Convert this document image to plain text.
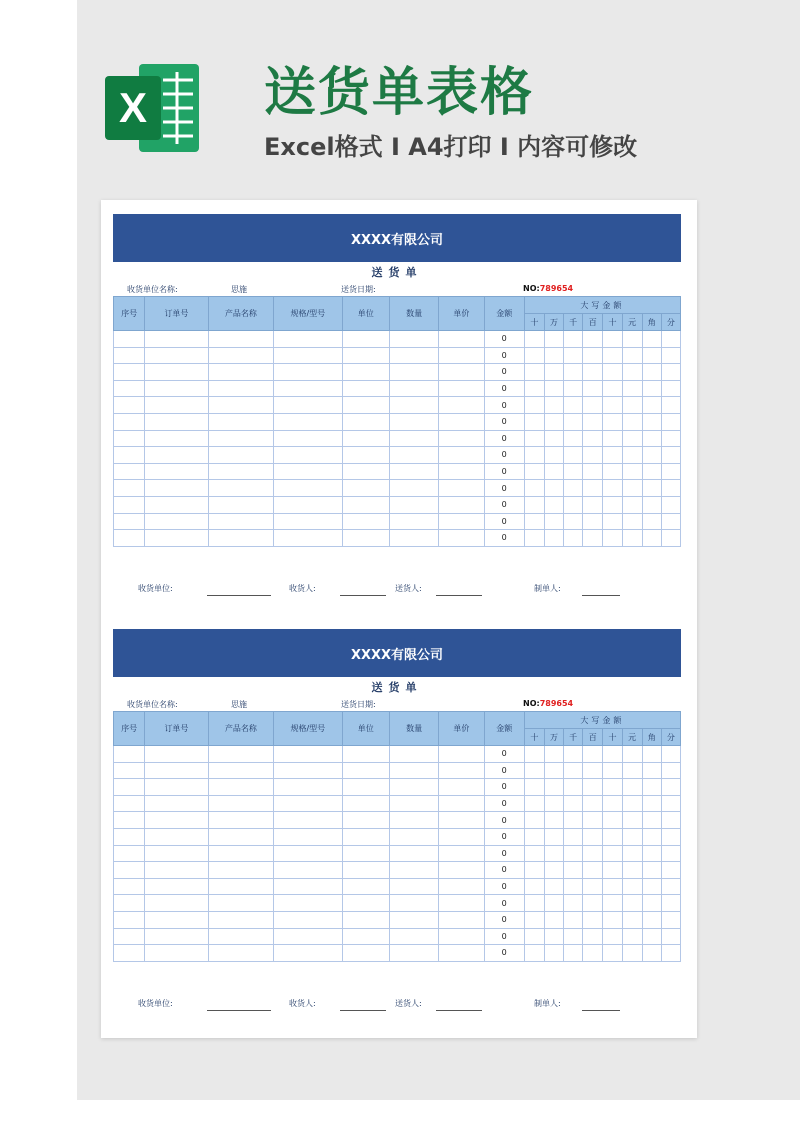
X 送货单表格
Excel格式 I A4打印 I 内容可修改
XXXX有限公司
送货单
收货单位名称:	思施	送货日期:	NO:789654
序号	订单号	产品名称	规格/型号	单位	数量	单价	金额	大写金额							
								十	万	千	百	十	元	角	分
							0								
							0								
							0								
							0								
							0								
							0								
							0								
							0								
							0								
							0								
							0								
							0								
							0								
收货单位:	收货人:	送货人:	制单人:
XXXX有限公司
送货单
收货单位名称:	思施	送货日期:	NO:789654
序号	订单号	产品名称	规格/型号	单位	数量	单价	金额	大写金额							
								十	万	千	百	十	元	角	分
							0								
							0								
							0								
							0								
							0								
							0								
							0								
							0								
							0								
							0								
							0								
							0								
							0								
收货单位:	收货人:	送货人:	制单人:
